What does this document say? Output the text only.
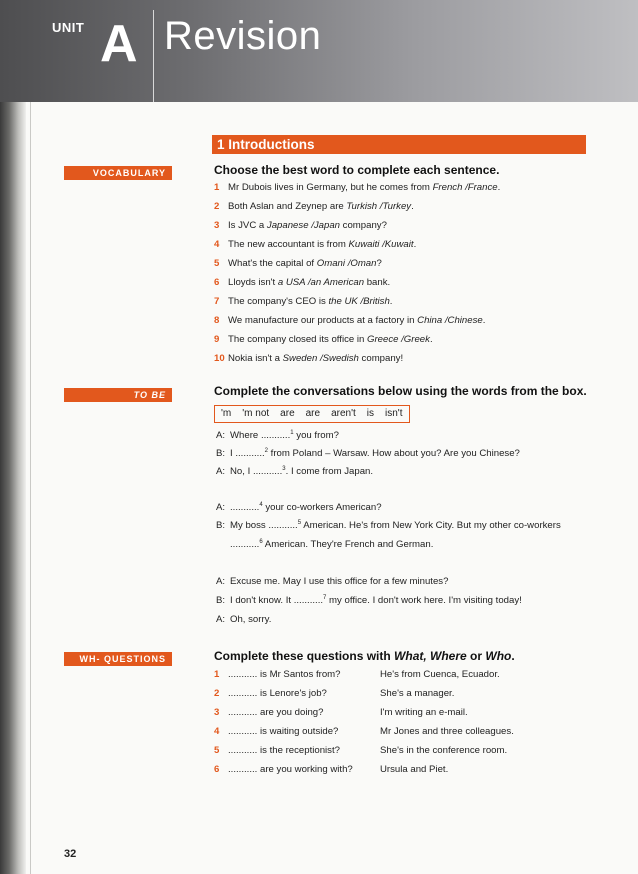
UNIT A Revision
1 Introductions
VOCABULARY	Choose the best word to complete each sentence.
1 Mr Dubois lives in Germany, but he comes from French /France.
2 Both Aslan and Zeynep are Turkish /Turkey.
3 Is JVC a Japanese /Japan company?
4 The new accountant is from Kuwaiti /Kuwait.
5 What's the capital of Omani /Oman?
6 Lloyds isn't a USA /an American bank.
7 The company's CEO is the UK /British.
8 We manufacture our products at a factory in China /Chinese.
9 The company closed its office in Greece /Greek.
10 Nokia isn't a Sweden /Swedish company!
TO BE	Complete the conversations below using the words from the box.
'm 'm not are are aren't is isn't
A: Where ...........$^1$ you from?
B: I ...........$^2$ from Poland – Warsaw. How about you? Are you Chinese?
A: No, I ...........$^3$. I come from Japan.
A: ...........$^4$ your co-workers American?
B: My boss ...........$^5$ American. He's from New York City. But my other co-workers
...........$^6$ American. They're French and German.
A: Excuse me. May I use this office for a few minutes?
B: I don't know. It ...........$^7$ my office. I don't work here. I'm visiting today!
A: Oh, sorry.
WH- QUESTIONS	Complete these questions with What, Where or Who.
1 ........... is Mr Santos from?	He's from Cuenca, Ecuador.
2 ........... is Lenore's job?	She's a manager.
3 ........... are you doing?	I'm writing an e-mail.
4 ........... is waiting outside?	Mr Jones and three colleagues.
5 ........... is the receptionist?	She's in the conference room.
6 ........... are you working with?	Ursula and Piet.
32
